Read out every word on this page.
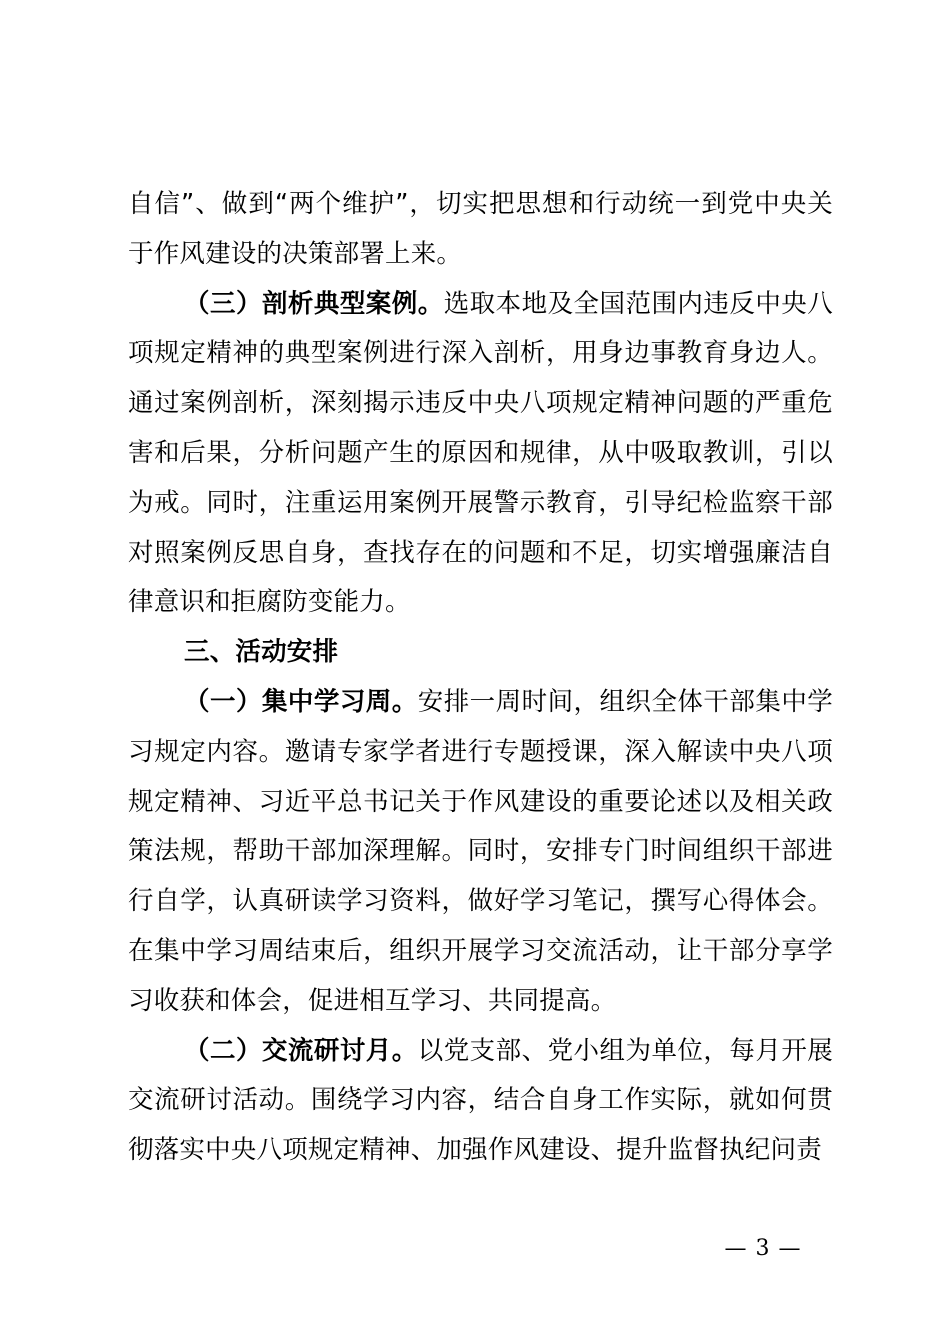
自信”、做到“两个维护”，切实把思想和行动统一到党中央关于作风建设的决策部署上来。

（三）剖析典型案例。选取本地及全国范围内违反中央八项规定精神的典型案例进行深入剖析，用身边事教育身边人。通过案例剖析，深刻揭示违反中央八项规定精神问题的严重危害和后果，分析问题产生的原因和规律，从中吸取教训，引以为戒。同时，注重运用案例开展警示教育，引导纪检监察干部对照案例反思自身，查找存在的问题和不足，切实增强廉洁自律意识和拒腐防变能力。

三、活动安排

（一）集中学习周。安排一周时间，组织全体干部集中学习规定内容。邀请专家学者进行专题授课，深入解读中央八项规定精神、习近平总书记关于作风建设的重要论述以及相关政策法规，帮助干部加深理解。同时，安排专门时间组织干部进行自学，认真研读学习资料，做好学习笔记，撰写心得体会。在集中学习周结束后，组织开展学习交流活动，让干部分享学习收获和体会，促进相互学习、共同提高。

（二）交流研讨月。以党支部、党小组为单位，每月开展交流研讨活动。围绕学习内容，结合自身工作实际，就如何贯彻落实中央八项规定精神、加强作风建设、提升监督执纪问责

— 3 —
